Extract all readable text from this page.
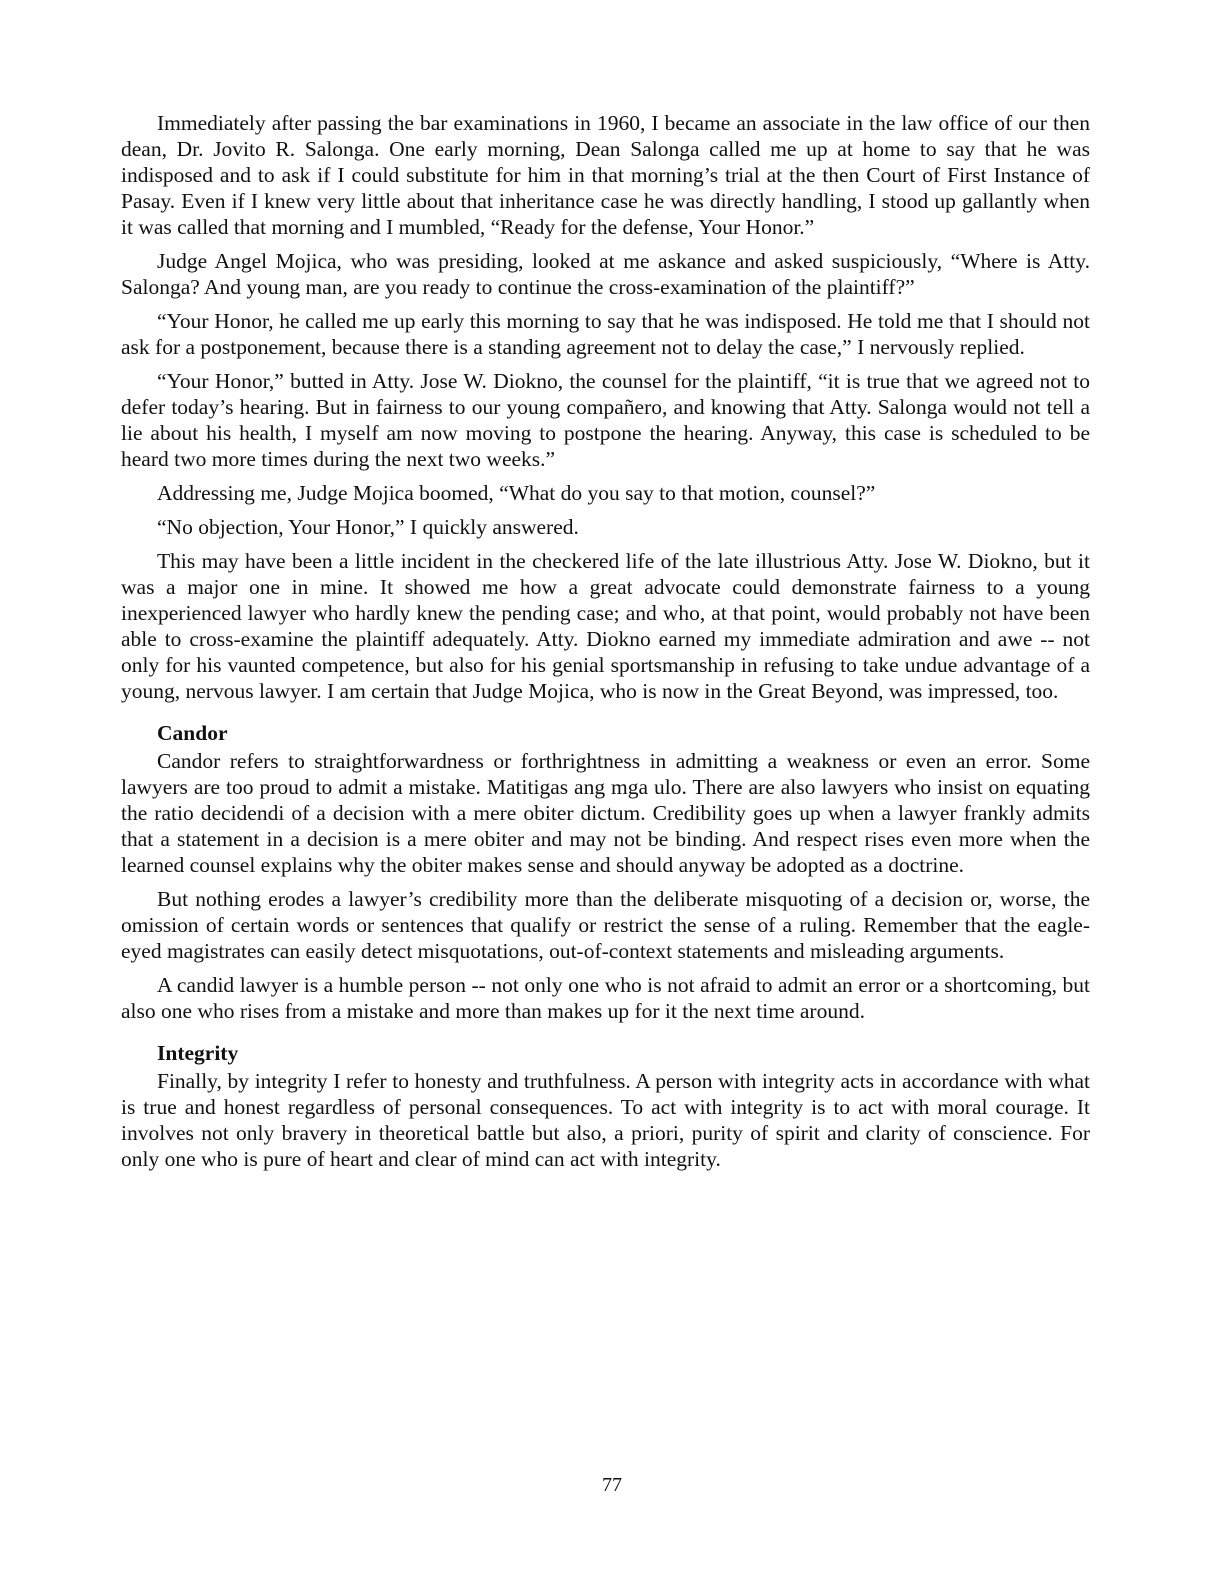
Immediately after passing the bar examinations in 1960, I became an associate in the law office of our then dean, Dr. Jovito R. Salonga. One early morning, Dean Salonga called me up at home to say that he was indisposed and to ask if I could substitute for him in that morning’s trial at the then Court of First Instance of Pasay. Even if I knew very little about that inheritance case he was directly handling, I stood up gallantly when it was called that morning and I mumbled, “Ready for the defense, Your Honor.”

Judge Angel Mojica, who was presiding, looked at me askance and asked suspiciously, “Where is Atty. Salonga? And young man, are you ready to continue the cross-examination of the plaintiff?”

“Your Honor, he called me up early this morning to say that he was indisposed. He told me that I should not ask for a postponement, because there is a standing agreement not to delay the case,” I nervously replied.

“Your Honor,” butted in Atty. Jose W. Diokno, the counsel for the plaintiff, “it is true that we agreed not to defer today’s hearing. But in fairness to our young compañero, and knowing that Atty. Salonga would not tell a lie about his health, I myself am now moving to postpone the hearing. Anyway, this case is scheduled to be heard two more times during the next two weeks.”

Addressing me, Judge Mojica boomed, “What do you say to that motion, counsel?”

“No objection, Your Honor,” I quickly answered.

This may have been a little incident in the checkered life of the late illustrious Atty. Jose W. Diokno, but it was a major one in mine. It showed me how a great advocate could demonstrate fairness to a young inexperienced lawyer who hardly knew the pending case; and who, at that point, would probably not have been able to cross-examine the plaintiff adequately. Atty. Diokno earned my immediate admiration and awe -- not only for his vaunted competence, but also for his genial sportsmanship in refusing to take undue advantage of a young, nervous lawyer. I am certain that Judge Mojica, who is now in the Great Beyond, was impressed, too.

Candor

Candor refers to straightforwardness or forthrightness in admitting a weakness or even an error. Some lawyers are too proud to admit a mistake. Matitigas ang mga ulo. There are also lawyers who insist on equating the ratio decidendi of a decision with a mere obiter dictum. Credibility goes up when a lawyer frankly admits that a statement in a decision is a mere obiter and may not be binding. And respect rises even more when the learned counsel explains why the obiter makes sense and should anyway be adopted as a doctrine.

But nothing erodes a lawyer’s credibility more than the deliberate misquoting of a decision or, worse, the omission of certain words or sentences that qualify or restrict the sense of a ruling. Remember that the eagle-eyed magistrates can easily detect misquotations, out-of-context statements and misleading arguments.

A candid lawyer is a humble person -- not only one who is not afraid to admit an error or a shortcoming, but also one who rises from a mistake and more than makes up for it the next time around.

Integrity

Finally, by integrity I refer to honesty and truthfulness. A person with integrity acts in accordance with what is true and honest regardless of personal consequences. To act with integrity is to act with moral courage. It involves not only bravery in theoretical battle but also, a priori, purity of spirit and clarity of conscience. For only one who is pure of heart and clear of mind can act with integrity.

77
